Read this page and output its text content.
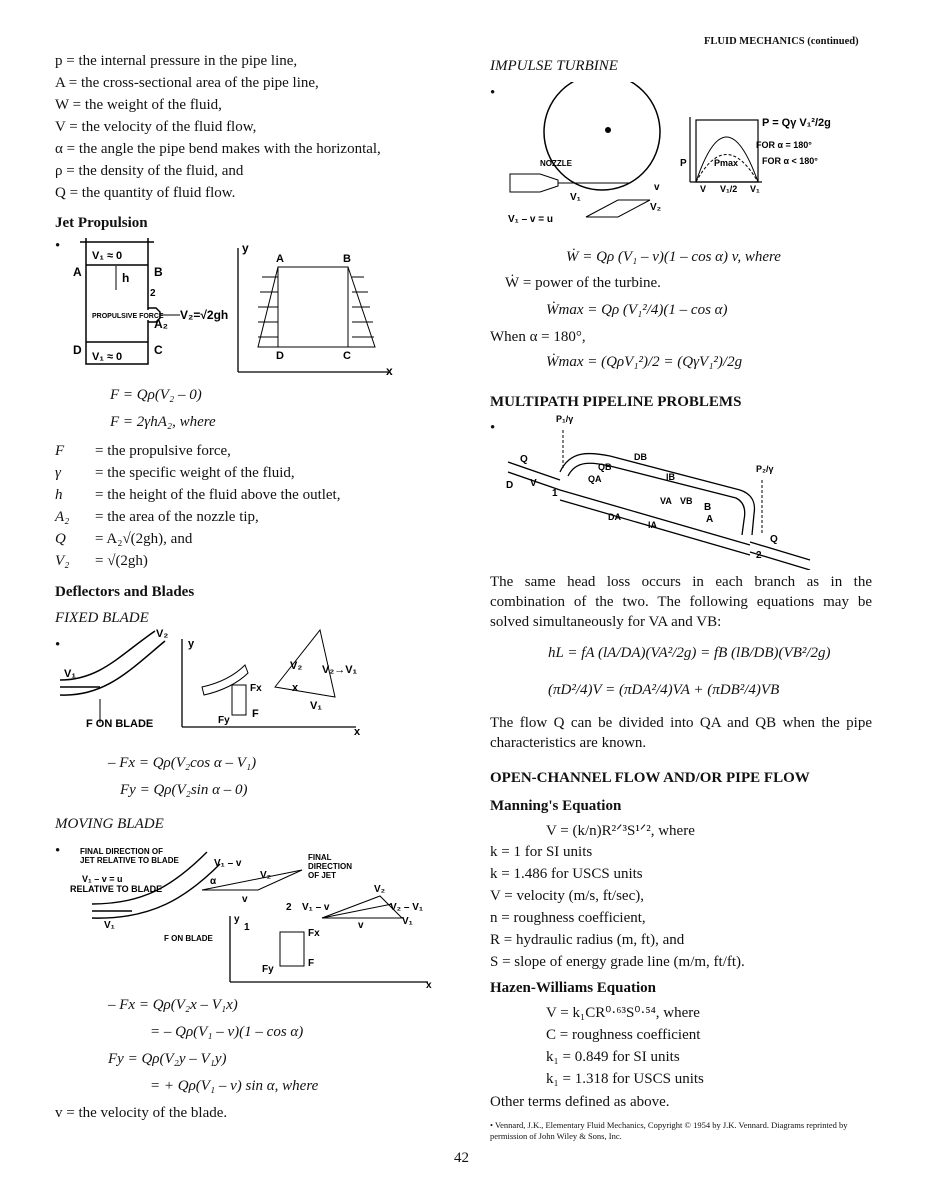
FLUID MECHANICS (continued)
p = the internal pressure in the pipe line,
A = the cross-sectional area of the pipe line,
W = the weight of the fluid,
V = the velocity of the fluid flow,
α = the angle the pipe bend makes with the horizontal,
ρ = the density of the fluid, and
Q = the quantity of fluid flow.
Jet Propulsion
•
A	B
C
D
V₁ ≈ 0
V₁ ≈ 0
h
2
V₂=√2gh
PROPULSIVE FORCE
A₂
y
x
A	B
D	C
F = Qρ(V₂ – 0)
F = 2γhA₂, where
F = the propulsive force,
γ = the specific weight of the fluid,
h = the height of the fluid above the outlet,
A₂ = the area of the nozzle tip,
Q = A₂√(2gh), and
V₂ = √(2gh)
Deflectors and Blades
FIXED BLADE
•
V₁
V₂
F ON BLADE
y
x
Fx
Fy
F
V₂ V₂→V₁
x
V₁
– Fx = Qρ(V₂cos α – V₁)
Fy = Qρ(V₂sin α – 0)
MOVING BLADE
• FINAL DIRECTION OF JET RELATIVE TO BLADE
V₁ – v = u RELATIVE TO BLADE
V₁
F ON BLADE
V₁ – v
V₂
α
v
FINAL DIRECTION OF JET
y
x
1
2
Fx
Fy
F
V₁ – v
V₂
V₂ – V₁
V₁
v
– Fx = Qρ(V₂x – V₁x)
= – Qρ(V₁ – v)(1 – cos α)
Fy = Qρ(V₂y – V₁y)
= + Qρ(V₁ – v) sin α, where
v = the velocity of the blade.
IMPULSE TURBINE
•
NOZZLE
V₁
V₂
v
V₁ – v = u
P = Qγ V₁²/2g
FOR α = 180°
FOR α < 180°
Pmax
P
V V₁/2 V₁
Ẇ = Qρ (V₁ – v)(1 – cos α) v, where
Ẇ = power of the turbine.
Ẇmax = Qρ (V₁²/4)(1 – cos α)
When α = 180°,
Ẇmax = (QρV₁²)/2 = (QγV₁²)/2g
MULTIPATH PIPELINE PROBLEMS
•
P₁/γ
Q
D V
1
QA
QB
DB
lB
VA VB
B
A
DA
lA
P₂/γ
Q
2
The same head loss occurs in each branch as in the combination of the two. The following equations may be solved simultaneously for VA and VB:
hL = fA (lA/DA)(VA²/2g) = fB (lB/DB)(VB²/2g)
(πD²/4)V = (πDA²/4)VA + (πDB²/4)VB
The flow Q can be divided into QA and QB when the pipe characteristics are known.
OPEN-CHANNEL FLOW AND/OR PIPE FLOW
Manning's Equation
V = (k/n)R²ᐟ³S¹ᐟ², where
k = 1 for SI units
k = 1.486 for USCS units
V = velocity (m/s, ft/sec),
n = roughness coefficient,
R = hydraulic radius (m, ft), and
S = slope of energy grade line (m/m, ft/ft).
Hazen-Williams Equation
V = k₁CR⁰·⁶³S⁰·⁵⁴, where
C = roughness coefficient
k₁ = 0.849 for SI units
k₁ = 1.318 for USCS units
Other terms defined as above.
• Vennard, J.K., Elementary Fluid Mechanics, Copyright © 1954 by J.K. Vennard. Diagrams reprinted by permission of John Wiley & Sons, Inc.
42
